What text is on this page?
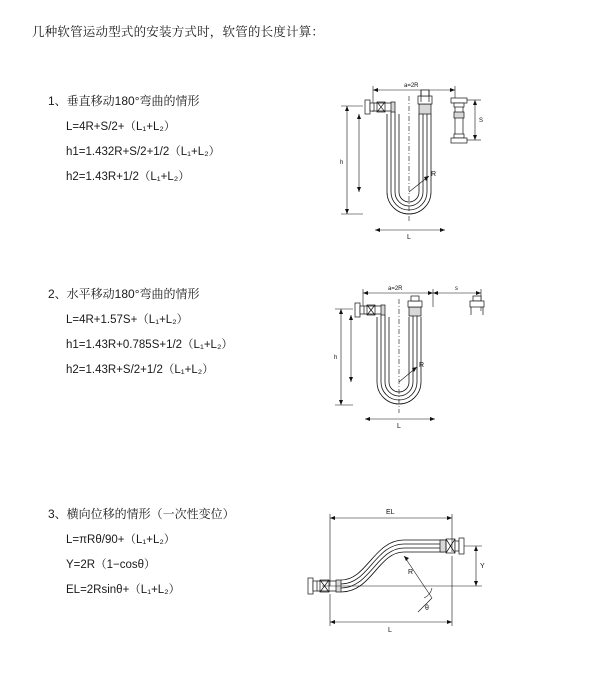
几种软管运动型式的安装方式时，软管的长度计算：
1、垂直移动180°弯曲的情形
L=4R+S/2+（L₁+L₂）
h1=1.432R+S/2+1/2（L₁+L₂）
h2=1.43R+1/2（L₁+L₂）
a=2R
S
h
R
L
2、水平移动180°弯曲的情形
L=4R+1.57S+（L₁+L₂）
h1=1.43R+0.785S+1/2（L₁+L₂）
h2=1.43R+S/2+1/2（L₁+L₂）
a=2R	s
h
R
L
3、横向位移的情形（一次性变位）
L=πRθ/90+（L₁+L₂）
Y=2R（1−cosθ）
EL=2Rsinθ+（L₁+L₂）
EL
Y
R
θ
L
